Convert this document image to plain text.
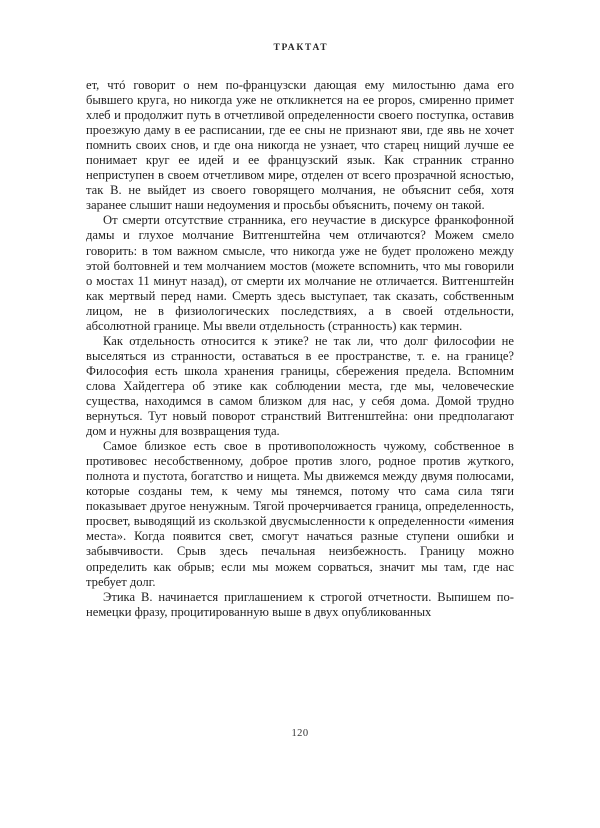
ТРАКТАТ

ет, чтó говорит о нем по-французски дающая ему милостыню дама его бывшего круга, но никогда уже не откликнется на ее propos, смиренно примет хлеб и продолжит путь в отчетливой определенности своего поступка, оставив проезжую даму в ее расписании, где ее сны не признают яви, где явь не хочет помнить своих снов, и где она никогда не узнает, что старец нищий лучше ее понимает круг ее идей и ее французский язык. Как странник странно неприступен в своем отчетливом мире, отделен от всего прозрачной ясностью, так В. не выйдет из своего говорящего молчания, не объяснит себя, хотя заранее слышит наши недоумения и просьбы объяснить, почему он такой.

От смерти отсутствие странника, его неучастие в дискурсе франкофонной дамы и глухое молчание Витгенштейна чем отличаются? Можем смело говорить: в том важном смысле, что никогда уже не будет проложено между этой болтовней и тем молчанием мостов (можете вспомнить, что мы говорили о мостах 11 минут назад), от смерти их молчание не отличается. Витгенштейн как мертвый перед нами. Смерть здесь выступает, так сказать, собственным лицом, не в физиологических последствиях, а в своей отдельности, абсолютной границе. Мы ввели отдельность (странность) как термин.

Как отдельность относится к этике? не так ли, что долг философии не выселяться из странности, оставаться в ее пространстве, т. е. на границе? Философия есть школа хранения границы, сбережения предела. Вспомним слова Хайдеггера об этике как соблюдении места, где мы, человеческие существа, находимся в самом близком для нас, у себя дома. Домой трудно вернуться. Тут новый поворот странствий Витгенштейна: они предполагают дом и нужны для возвращения туда.

Самое близкое есть свое в противоположность чужому, собственное в противовес несобственному, доброе против злого, родное против жуткого, полнота и пустота, богатство и нищета. Мы движемся между двумя полюсами, которые созданы тем, к чему мы тянемся, потому что сама сила тяги показывает другое ненужным. Тягой прочерчивается граница, определенность, просвет, выводящий из скользкой двусмысленности к определенности «имения места». Когда появится свет, смогут начаться разные ступени ошибки и забывчивости. Срыв здесь печальная неизбежность. Границу можно определить как обрыв; если мы можем сорваться, значит мы там, где нас требует долг.

Этика В. начинается приглашением к строгой отчетности. Выпишем по-немецки фразу, процитированную выше в двух опубликованных

120
